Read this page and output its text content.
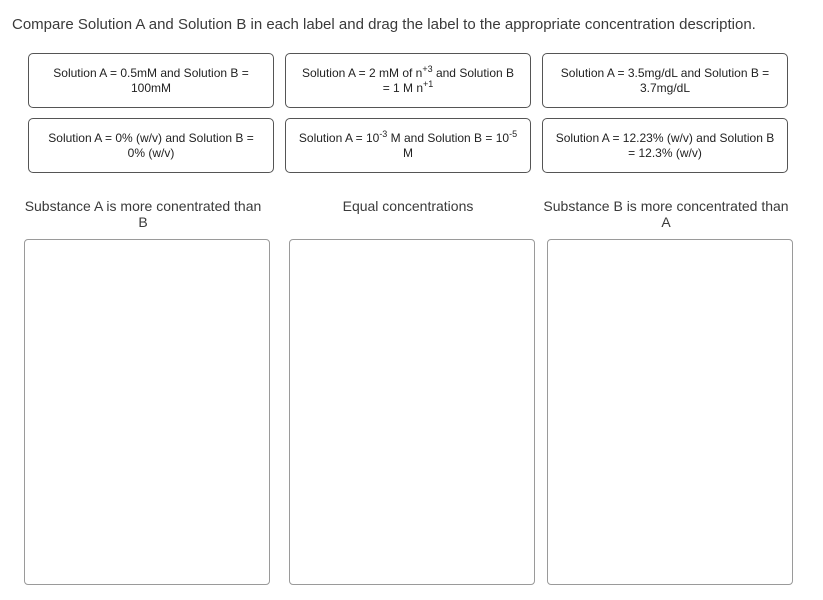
Compare Solution A and Solution B in each label and drag the label to the appropriate concentration description.
Solution A = 0.5mM and Solution B = 100mM
Solution A = 2 mM of $n^{+3}$ and Solution B = 1 M $n^{+1}$
Solution A = 3.5mg/dL and Solution B = 3.7mg/dL
Solution A = 0% (w/v) and Solution B = 0% (w/v)
Solution $A = 10^{-3}$ M and Solution $B = 10^{-5}$ M
Solution A = 12.23% (w/v) and Solution B = 12.3% (w/v)
Substance A is more conentrated than B
Equal concentrations	Substance B is more concentrated than A
